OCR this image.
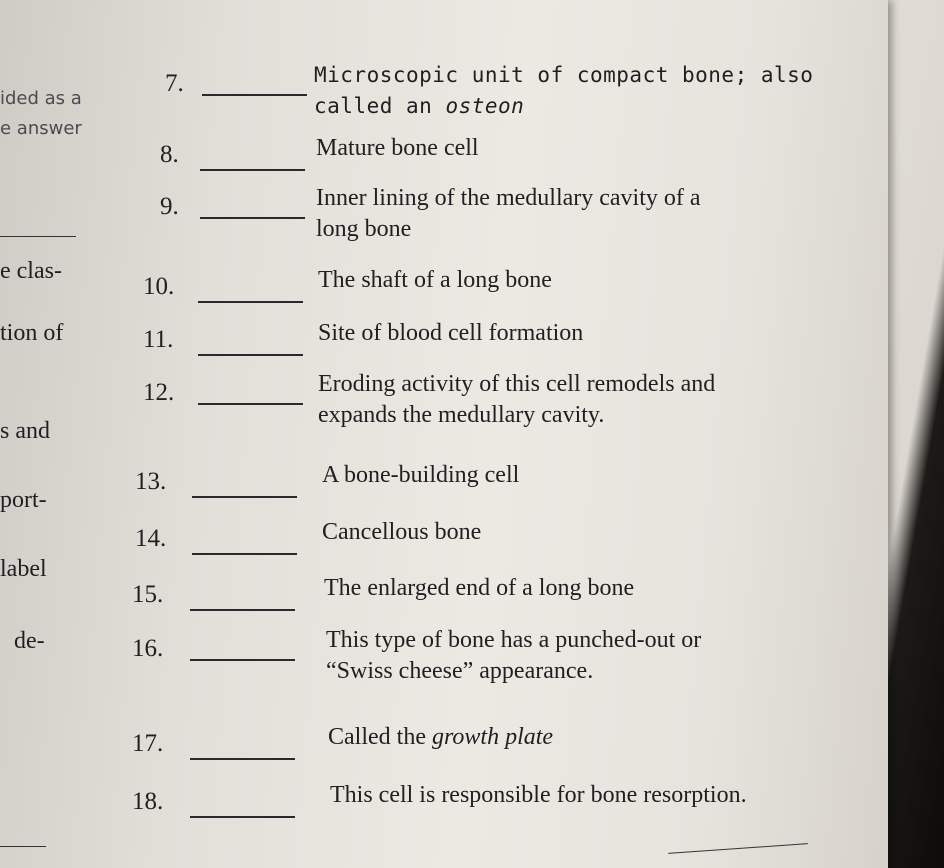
ided as a
e answer
e clas-
tion of
s and
port-
label
de-
7.	Microscopic unit of compact bone; also
called an osteon
8.	Mature bone cell
9.	Inner lining of the medullary cavity of a
long bone
10.	The shaft of a long bone
11.	Site of blood cell formation
12.	Eroding activity of this cell remodels and
expands the medullary cavity.
13.	A bone-building cell
14.	Cancellous bone
15.	The enlarged end of a long bone
16.	This type of bone has a punched-out or
“Swiss cheese” appearance.
17.	Called the growth plate
18.	This cell is responsible for bone resorption.
